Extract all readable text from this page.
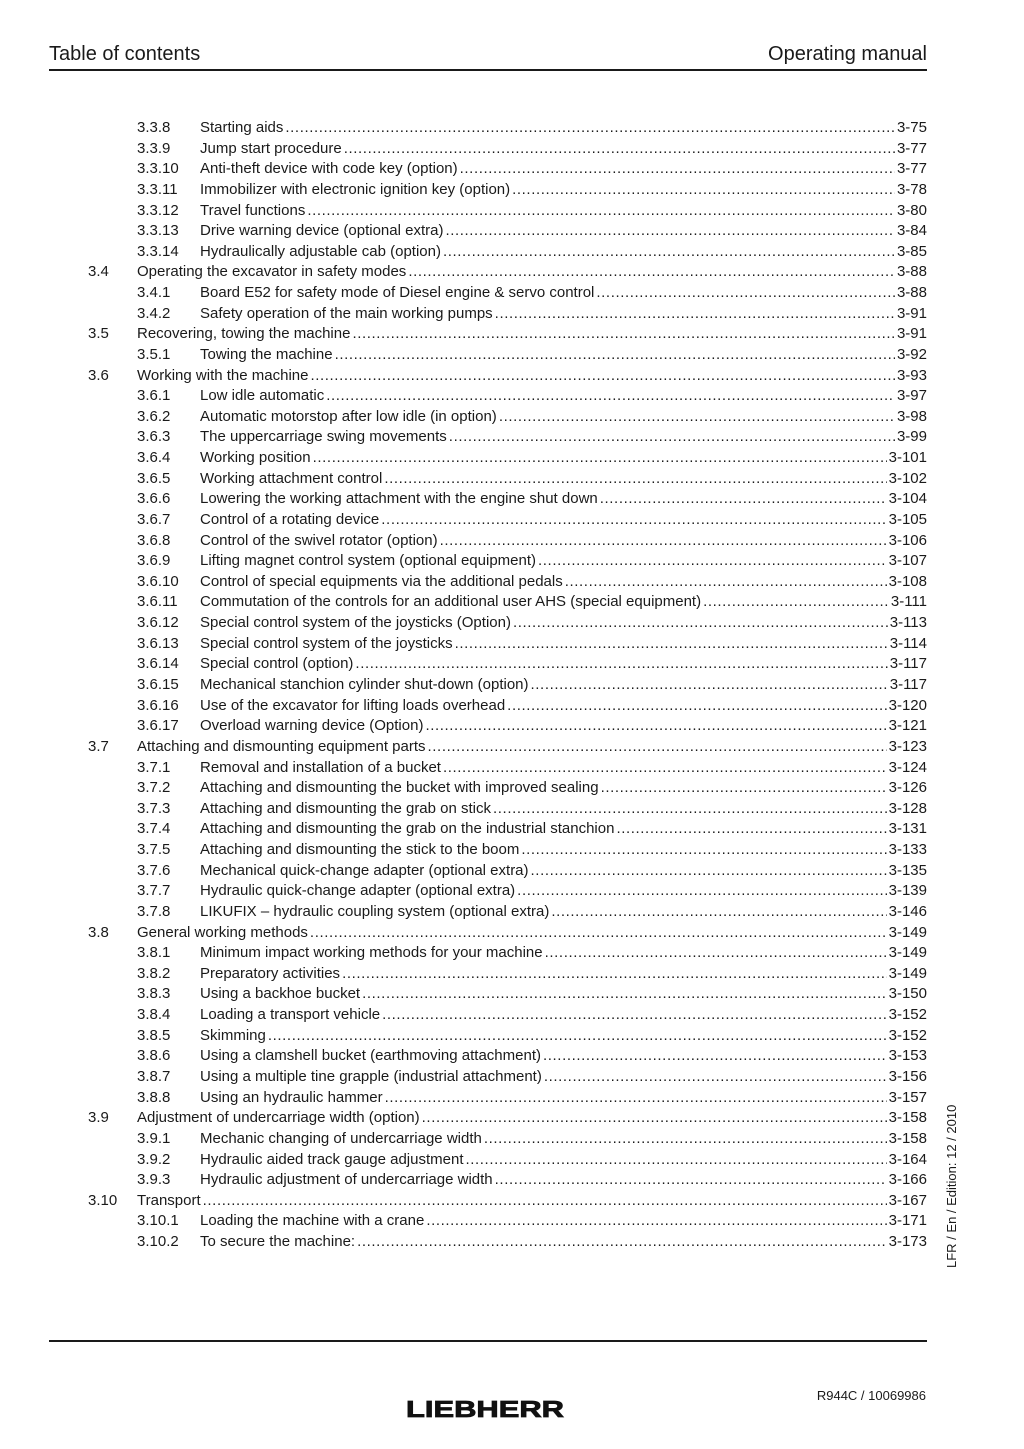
Table of contents	Operating manual
3.3.8 Starting aids .....	3-75
3.3.9 Jump start procedure .....	3-77
3.3.10 Anti-theft device with code key (option) .....	3-77
3.3.11 Immobilizer with electronic ignition key (option) .....	3-78
3.3.12 Travel functions .....	3-80
3.3.13 Drive warning device (optional extra) .....	3-84
3.3.14 Hydraulically adjustable cab (option) .....	3-85
3.4 Operating the excavator in safety modes .....	3-88
3.4.1 Board E52 for safety mode of Diesel engine & servo control .....	3-88
3.4.2 Safety operation of the main working pumps .....	3-91
3.5 Recovering, towing the machine .....	3-91
3.5.1 Towing the machine .....	3-92
3.6 Working with the machine .....	3-93
3.6.1 Low idle automatic .....	3-97
3.6.2 Automatic motorstop after low idle (in option) .....	3-98
3.6.3 The uppercarriage swing movements .....	3-99
3.6.4 Working position .....	3-101
3.6.5 Working attachment control .....	3-102
3.6.6 Lowering the working attachment with the engine shut down .....	3-104
3.6.7 Control of a rotating device .....	3-105
3.6.8 Control of the swivel rotator (option) .....	3-106
3.6.9 Lifting magnet control system (optional equipment) .....	3-107
3.6.10 Control of special equipments via the additional pedals .....	3-108
3.6.11 Commutation of the controls for an additional user AHS (special equipment) .....	3-111
3.6.12 Special control system of the joysticks (Option) .....	3-113
3.6.13 Special control system of the joysticks .....	3-114
3.6.14 Special control (option) .....	3-117
3.6.15 Mechanical stanchion cylinder shut-down (option) .....	3-117
3.6.16 Use of the excavator for lifting loads overhead .....	3-120
3.6.17 Overload warning device (Option) .....	3-121
3.7 Attaching and dismounting equipment parts .....	3-123
3.7.1 Removal and installation of a bucket .....	3-124
3.7.2 Attaching and dismounting the bucket with improved sealing .....	3-126
3.7.3 Attaching and dismounting the grab on stick .....	3-128
3.7.4 Attaching and dismounting the grab on the industrial stanchion .....	3-131
3.7.5 Attaching and dismounting the stick to the boom .....	3-133
3.7.6 Mechanical quick-change adapter (optional extra) .....	3-135
3.7.7 Hydraulic quick-change adapter (optional extra) .....	3-139
3.7.8 LIKUFIX – hydraulic coupling system (optional extra) .....	3-146
3.8 General working methods .....	3-149
3.8.1 Minimum impact working methods for your machine .....	3-149
3.8.2 Preparatory activities .....	3-149
3.8.3 Using a backhoe bucket .....	3-150
3.8.4 Loading a transport vehicle .....	3-152
3.8.5 Skimming .....	3-152
3.8.6 Using a clamshell bucket (earthmoving attachment) .....	3-153
3.8.7 Using a multiple tine grapple (industrial attachment) .....	3-156
3.8.8 Using an hydraulic hammer .....	3-157
3.9 Adjustment of undercarriage width (option) .....	3-158
3.9.1 Mechanic changing of undercarriage width .....	3-158
3.9.2 Hydraulic aided track gauge adjustment .....	3-164
3.9.3 Hydraulic adjustment of undercarriage width .....	3-166
3.10 Transport .....	3-167
3.10.1 Loading the machine with a crane .....	3-171
3.10.2 To secure the machine: .....	3-173 LFR / En / Edition: 12 / 2010
LIEBHERR
R944C / 10069986
